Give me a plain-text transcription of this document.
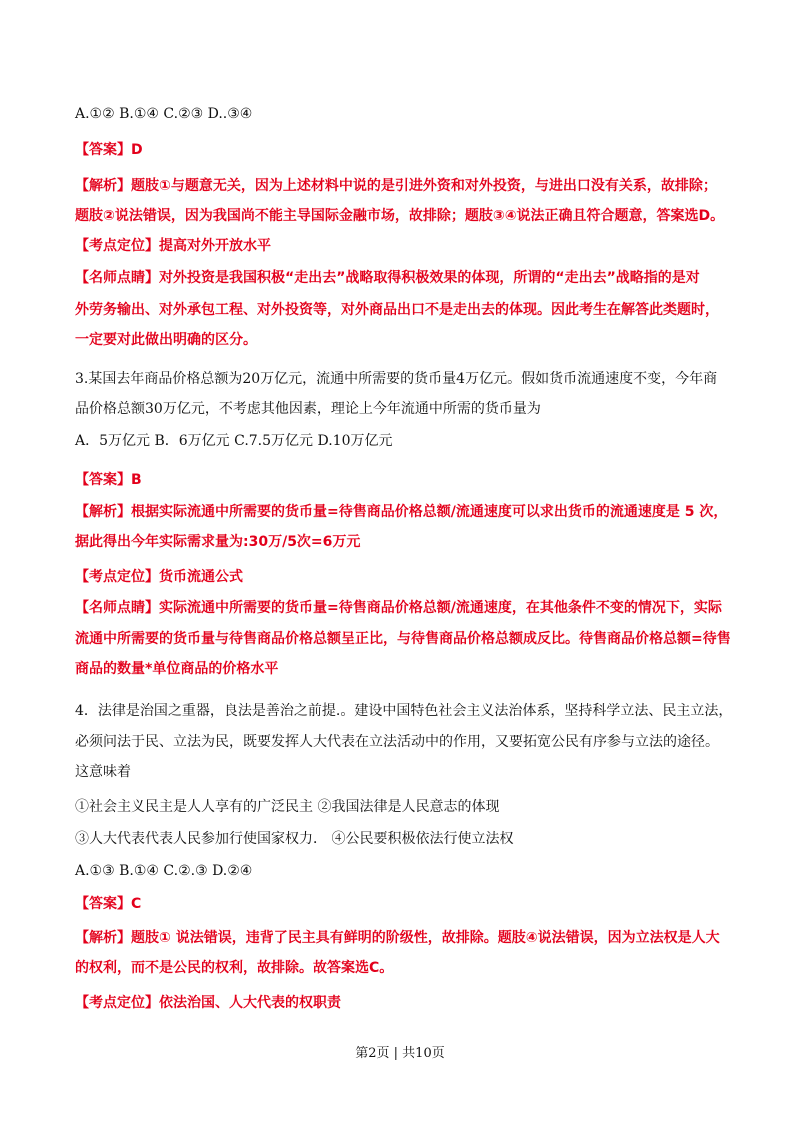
A.①② B.①④ C.②③ D..③④
【答案】D
【解析】题肢①与题意无关，因为上述材料中说的是引进外资和对外投资，与进出口没有关系，故排除；
题肢②说法错误，因为我国尚不能主导国际金融市场，故排除；题肢③④说法正确且符合题意，答案选D。
【考点定位】提高对外开放水平
【名师点睛】对外投资是我国积极“走出去”战略取得积极效果的体现，所谓的“走出去”战略指的是对
外劳务输出、对外承包工程、对外投资等，对外商品出口不是走出去的体现。因此考生在解答此类题时，
一定要对此做出明确的区分。
3.某国去年商品价格总额为20万亿元，流通中所需要的货币量4万亿元。假如货币流通速度不变，今年商
品价格总额30万亿元，不考虑其他因素，理论上今年流通中所需的货币量为
A．5万亿元 B．6万亿元 C.7.5万亿元 D.10万亿元
【答案】B
【解析】根据实际流通中所需要的货币量=待售商品价格总额/流通速度可以求出货币的流通速度是 5 次，
据此得出今年实际需求量为:30万/5次=6万元
【考点定位】货币流通公式
【名师点睛】实际流通中所需要的货币量=待售商品价格总额/流通速度，在其他条件不变的情况下，实际
流通中所需要的货币量与待售商品价格总额呈正比，与待售商品价格总额成反比。待售商品价格总额=待售
商品的数量*单位商品的价格水平
4．法律是治国之重器，良法是善治之前提.。建设中国特色社会主义法治体系，坚持科学立法、民主立法，
必须问法于民、立法为民，既要发挥人大代表在立法活动中的作用，又要拓宽公民有序参与立法的途径。
这意味着
①社会主义民主是人人享有的广泛民主 ②我国法律是人民意志的体现
③人大代表代表人民参加行使国家权力． ④公民要积极依法行使立法权
A.①③ B.①④ C.②.③ D.②④
【答案】C
【解析】题肢① 说法错误，违背了民主具有鲜明的阶级性，故排除。题肢④说法错误，因为立法权是人大
的权利，而不是公民的权利，故排除。故答案选C。
【考点定位】依法治国、人大代表的权职责
第2页 | 共10页
